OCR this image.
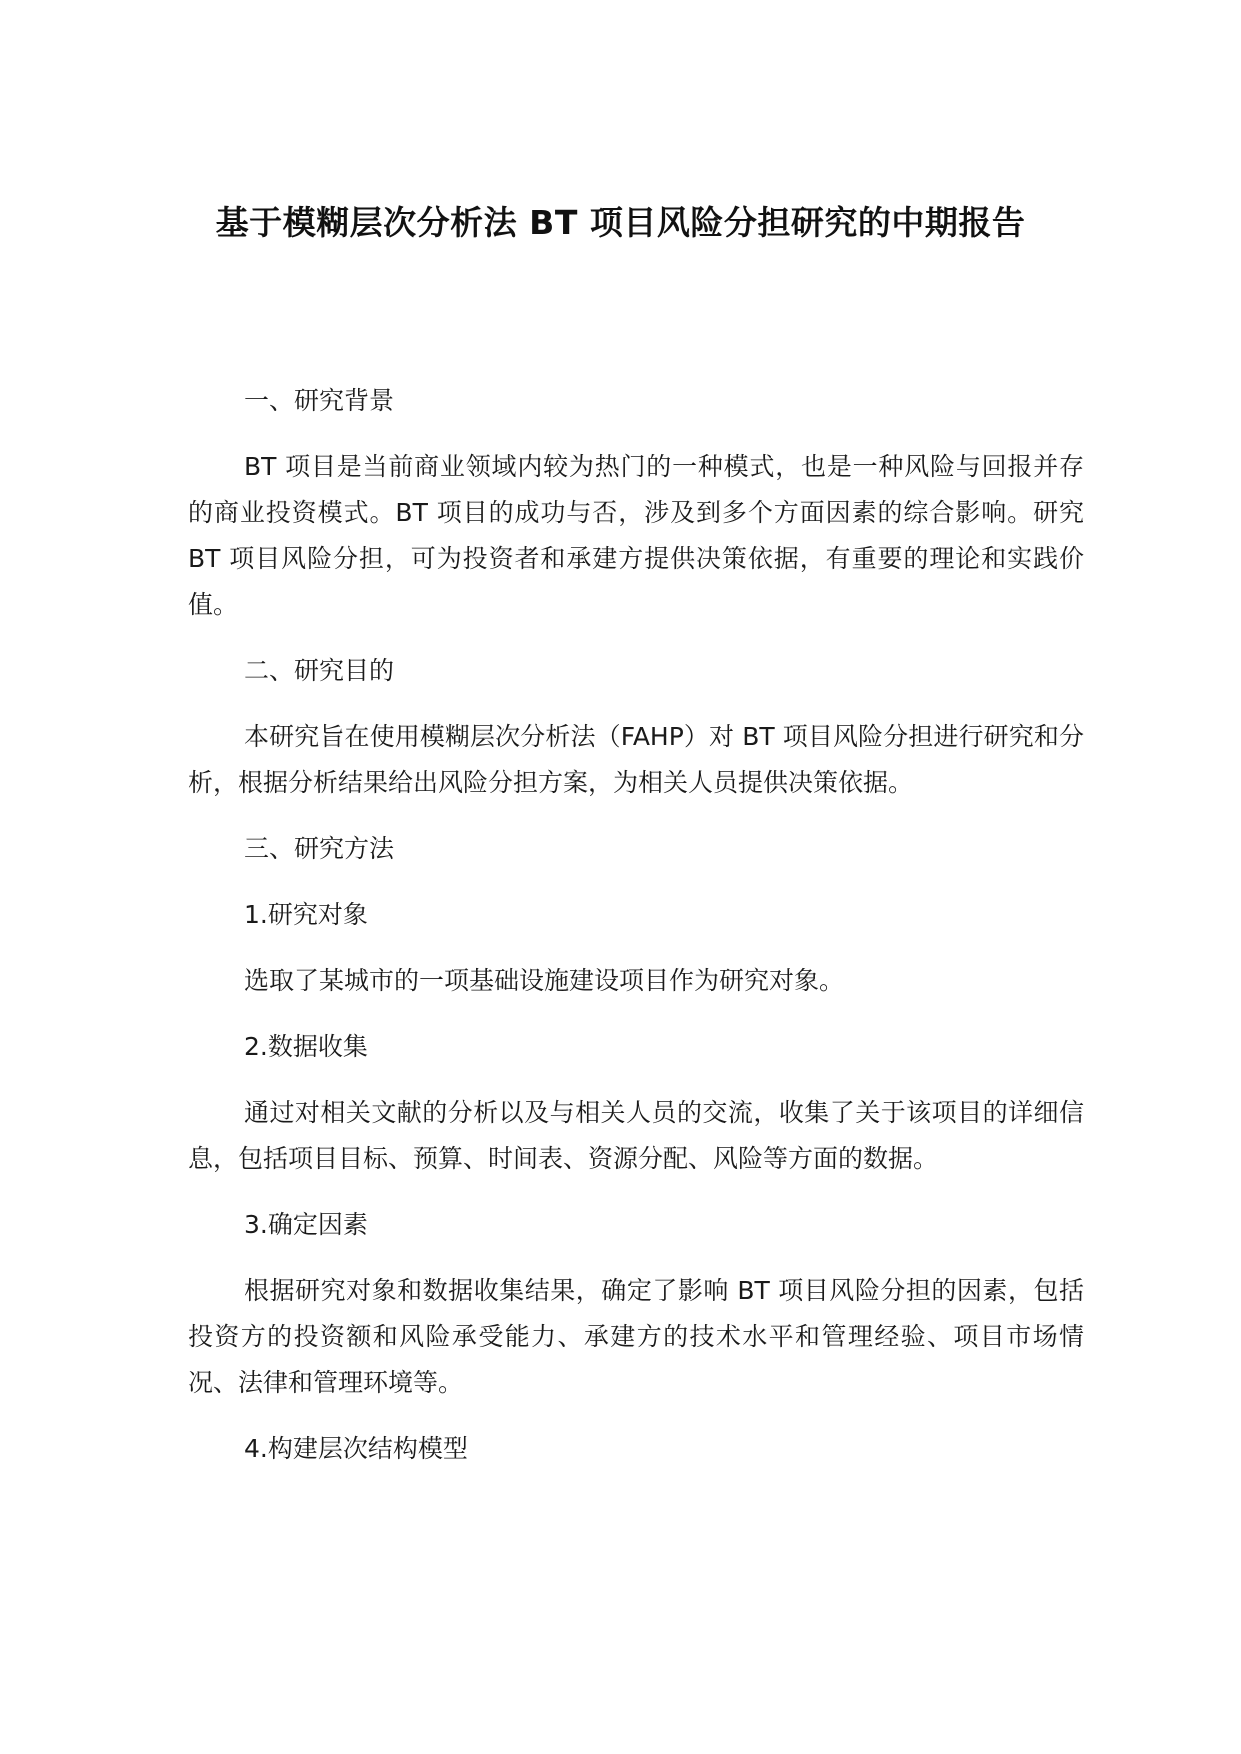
基于模糊层次分析法 BT 项目风险分担研究的中期报告

一、研究背景

BT 项目是当前商业领域内较为热门的一种模式，也是一种风险与回报并存的商业投资模式。BT 项目的成功与否，涉及到多个方面因素的综合影响。研究 BT 项目风险分担，可为投资者和承建方提供决策依据，有重要的理论和实践价值。

二、研究目的

本研究旨在使用模糊层次分析法（FAHP）对 BT 项目风险分担进行研究和分析，根据分析结果给出风险分担方案，为相关人员提供决策依据。

三、研究方法

1.研究对象

选取了某城市的一项基础设施建设项目作为研究对象。

2.数据收集

通过对相关文献的分析以及与相关人员的交流，收集了关于该项目的详细信息，包括项目目标、预算、时间表、资源分配、风险等方面的数据。

3.确定因素

根据研究对象和数据收集结果，确定了影响 BT 项目风险分担的因素，包括投资方的投资额和风险承受能力、承建方的技术水平和管理经验、项目市场情况、法律和管理环境等。

4.构建层次结构模型
